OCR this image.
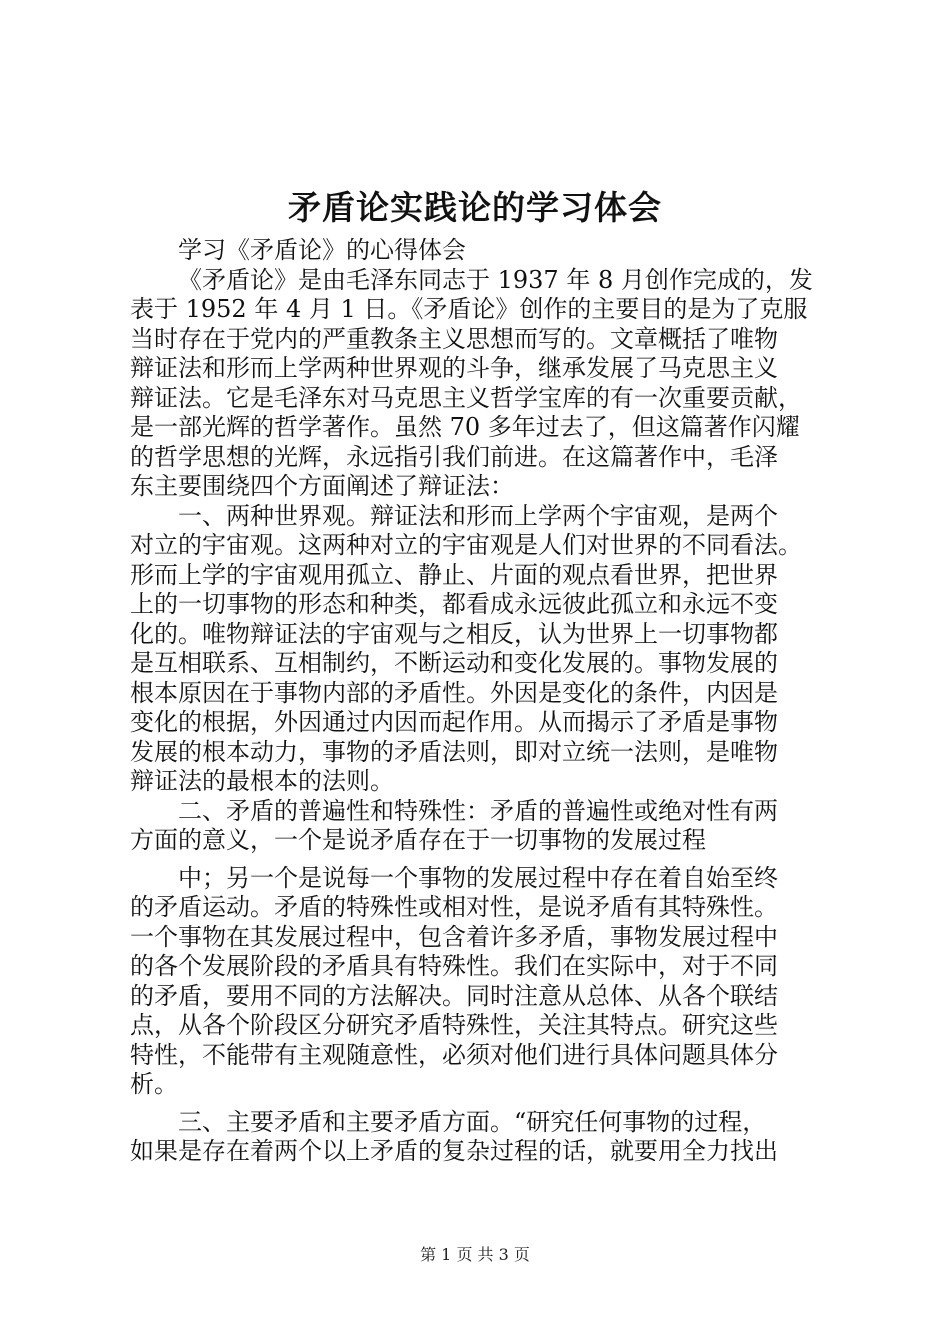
矛盾论实践论的学习体会
学习《矛盾论》的心得体会
《矛盾论》是由毛泽东同志于 1937 年 8 月创作完成的，发
表于 1952 年 4 月 1 日。《矛盾论》创作的主要目的是为了克服
当时存在于党内的严重教条主义思想而写的。文章概括了唯物
辩证法和形而上学两种世界观的斗争，继承发展了马克思主义
辩证法。它是毛泽东对马克思主义哲学宝库的有一次重要贡献，
是一部光辉的哲学著作。虽然 70 多年过去了，但这篇著作闪耀
的哲学思想的光辉，永远指引我们前进。在这篇著作中，毛泽
东主要围绕四个方面阐述了辩证法：
一、两种世界观。辩证法和形而上学两个宇宙观，是两个
对立的宇宙观。这两种对立的宇宙观是人们对世界的不同看法。
形而上学的宇宙观用孤立、静止、片面的观点看世界，把世界
上的一切事物的形态和种类，都看成永远彼此孤立和永远不变
化的。唯物辩证法的宇宙观与之相反，认为世界上一切事物都
是互相联系、互相制约，不断运动和变化发展的。事物发展的
根本原因在于事物内部的矛盾性。外因是变化的条件，内因是
变化的根据，外因通过内因而起作用。从而揭示了矛盾是事物
发展的根本动力，事物的矛盾法则，即对立统一法则，是唯物
辩证法的最根本的法则。
二、矛盾的普遍性和特殊性：矛盾的普遍性或绝对性有两
方面的意义，一个是说矛盾存在于一切事物的发展过程
中；另一个是说每一个事物的发展过程中存在着自始至终
的矛盾运动。矛盾的特殊性或相对性，是说矛盾有其特殊性。
一个事物在其发展过程中，包含着许多矛盾，事物发展过程中
的各个发展阶段的矛盾具有特殊性。我们在实际中，对于不同
的矛盾，要用不同的方法解决。同时注意从总体、从各个联结
点，从各个阶段区分研究矛盾特殊性，关注其特点。研究这些
特性，不能带有主观随意性，必须对他们进行具体问题具体分
析。
三、主要矛盾和主要矛盾方面。“研究任何事物的过程，
如果是存在着两个以上矛盾的复杂过程的话，就要用全力找出
第 1 页 共 3 页
